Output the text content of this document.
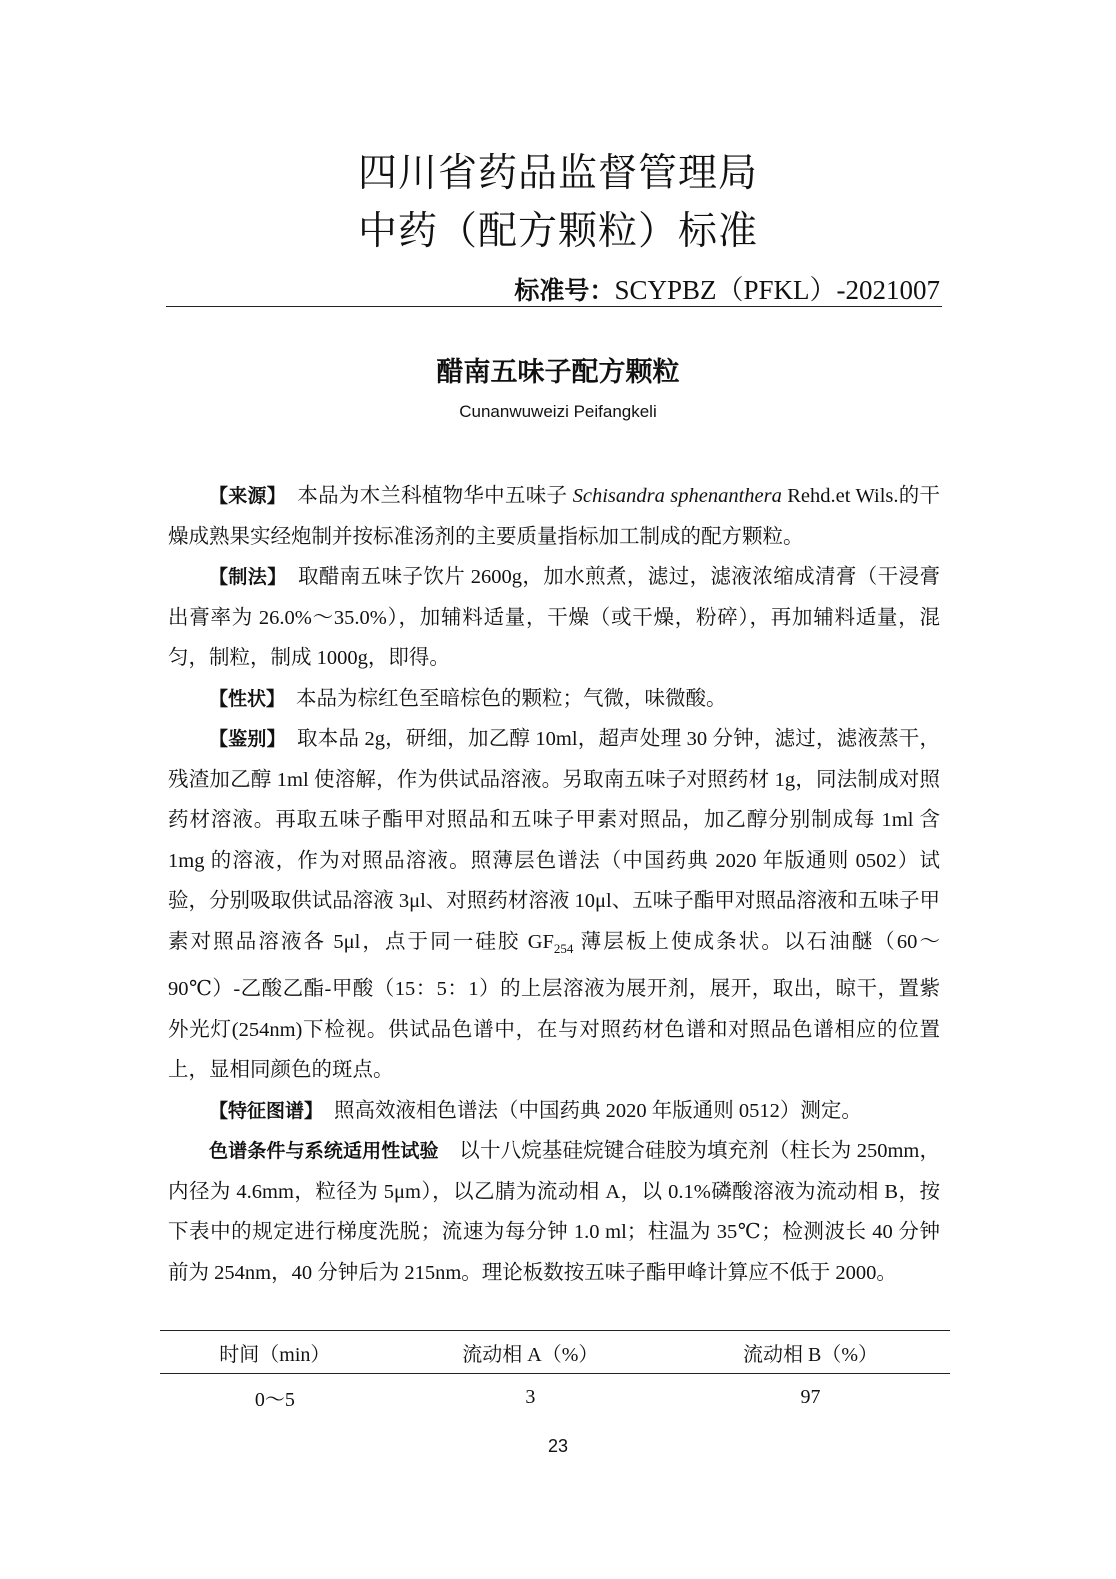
四川省药品监督管理局
中药（配方颗粒）标准
标准号：SCYPBZ（PFKL）-2021007
醋南五味子配方颗粒
Cunanwuweizi Peifangkeli

【来源】　本品为木兰科植物华中五味子 Schisandra sphenanthera Rehd.et Wils.的干燥成熟果实经炮制并按标准汤剂的主要质量指标加工制成的配方颗粒。

【制法】　取醋南五味子饮片 2600g，加水煎煮，滤过，滤液浓缩成清膏（干浸膏出膏率为 26.0%～35.0%），加辅料适量，干燥（或干燥，粉碎），再加辅料适量，混匀，制粒，制成 1000g，即得。

【性状】　本品为棕红色至暗棕色的颗粒；气微，味微酸。

【鉴别】　取本品 2g，研细，加乙醇 10ml，超声处理 30 分钟，滤过，滤液蒸干，残渣加乙醇 1ml 使溶解，作为供试品溶液。另取南五味子对照药材 1g，同法制成对照药材溶液。再取五味子酯甲对照品和五味子甲素对照品，加乙醇分别制成每 1ml 含 1mg 的溶液，作为对照品溶液。照薄层色谱法（中国药典 2020 年版通则 0502）试验，分别吸取供试品溶液 3μl、对照药材溶液 10μl、五味子酯甲对照品溶液和五味子甲素对照品溶液各 5μl，点于同一硅胶 $GF_{254}$ 薄层板上使成条状。以石油醚（60～90℃）-乙酸乙酯-甲酸（15：5：1）的上层溶液为展开剂，展开，取出，晾干，置紫外光灯(254nm)下检视。供试品色谱中，在与对照药材色谱和对照品色谱相应的位置上，显相同颜色的斑点。

【特征图谱】　照高效液相色谱法（中国药典 2020 年版通则 0512）测定。

色谱条件与系统适用性试验　以十八烷基硅烷键合硅胶为填充剂（柱长为 250mm，内径为 4.6mm，粒径为 5μm），以乙腈为流动相 A，以 0.1%磷酸溶液为流动相 B，按下表中的规定进行梯度洗脱；流速为每分钟 1.0 ml；柱温为 35℃；检测波长 40 分钟前为 254nm，40 分钟后为 215nm。理论板数按五味子酯甲峰计算应不低于 2000。

时间（min）	流动相 A（%）	流动相 B（%）
0～5	3	97
23
